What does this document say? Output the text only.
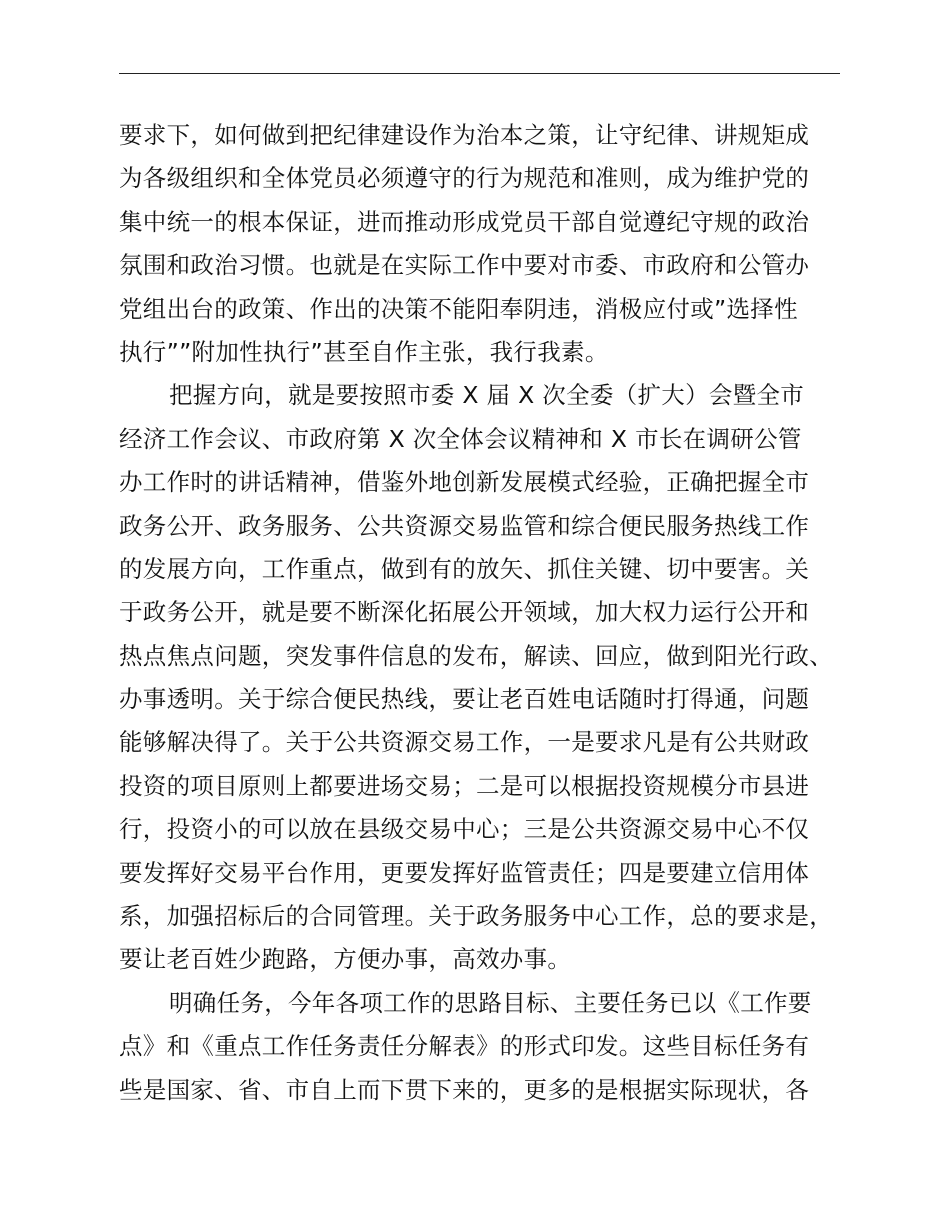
要求下，如何做到把纪律建设作为治本之策，让守纪律、讲规矩成
为各级组织和全体党员必须遵守的行为规范和准则，成为维护党的
集中统一的根本保证，进而推动形成党员干部自觉遵纪守规的政治
氛围和政治习惯。也就是在实际工作中要对市委、市政府和公管办
党组出台的政策、作出的决策不能阳奉阴违，消极应付或”选择性
执行””附加性执行”甚至自作主张，我行我素。
把握方向，就是要按照市委 X 届 X 次全委（扩大）会暨全市
经济工作会议、市政府第 X 次全体会议精神和 X 市长在调研公管
办工作时的讲话精神，借鉴外地创新发展模式经验，正确把握全市
政务公开、政务服务、公共资源交易监管和综合便民服务热线工作
的发展方向，工作重点，做到有的放矢、抓住关键、切中要害。关
于政务公开，就是要不断深化拓展公开领域，加大权力运行公开和
热点焦点问题，突发事件信息的发布，解读、回应，做到阳光行政、
办事透明。关于综合便民热线，要让老百姓电话随时打得通，问题
能够解决得了。关于公共资源交易工作，一是要求凡是有公共财政
投资的项目原则上都要进场交易；二是可以根据投资规模分市县进
行，投资小的可以放在县级交易中心；三是公共资源交易中心不仅
要发挥好交易平台作用，更要发挥好监管责任；四是要建立信用体
系，加强招标后的合同管理。关于政务服务中心工作，总的要求是，
要让老百姓少跑路，方便办事，高效办事。
明确任务，今年各项工作的思路目标、主要任务已以《工作要
点》和《重点工作任务责任分解表》的形式印发。这些目标任务有
些是国家、省、市自上而下贯下来的，更多的是根据实际现状，各
